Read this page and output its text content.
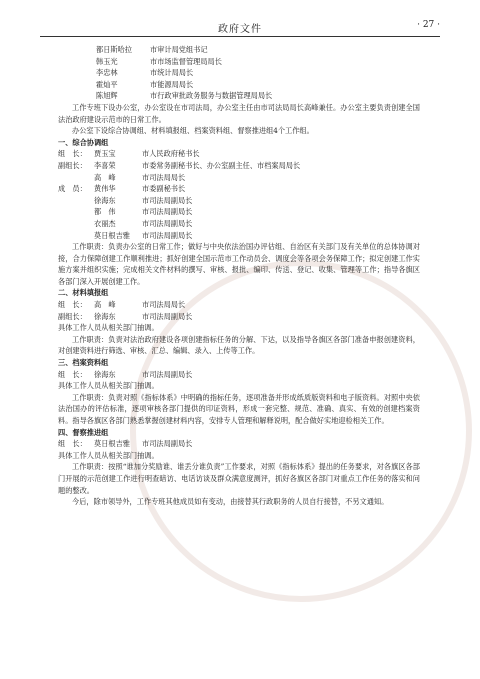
政府文件	· 27 ·
都日斯哈拉	市审计局党组书记
韩玉光	市市场监督管理局局长
李忠林	市统计局局长
霍灿平	市能源局局长
陈旭辉	市行政审批政务服务与数据管理局局长

工作专班下设办公室，办公室设在市司法局，办公室主任由市司法局局长高峰兼任。办公室主要负责创建全国法治政府建设示范市的日常工作。

办公室下设综合协调组、材料填报组、档案资料组、督察推进组4个工作组。

一、综合协调组

组　长：	贾玉宝	市人民政府秘书长
副组长：	李喜荣	市委常务副秘书长、办公室副主任、市档案局局长
高　峰	市司法局局长
成　员：	黄伟华	市委副秘书长
徐海东	市司法局副局长
都　伟	市司法局副局长
衣丽杰	市司法局副局长
莫日根吉雅	市司法局副局长

工作职责：负责办公室的日常工作；做好与中央依法治国办评估组、自治区有关部门及有关单位的总体协调对接，合力保障创建工作顺利推进；抓好创建全国示范市工作动员会、调度会等各项会务保障工作；拟定创建工作实施方案并组织实施；完成相关文件材料的撰写、审核、报批、编印、传送、登记、收集、管理等工作；指导各旗区各部门深入开展创建工作。

二、材料填报组

组　长：	高　峰	市司法局局长
副组长：	徐海东	市司法局副局长

具体工作人员从相关部门抽调。

工作职责：负责对法治政府建设各项创建指标任务的分解、下达，以及指导各旗区各部门准备申报创建资料，对创建资料进行筛选、审核、汇总、编辑、录入、上传等工作。

三、档案资料组

组　长：	徐海东	市司法局副局长

具体工作人员从相关部门抽调。

工作职责：负责对照《指标体系》中明确的指标任务，逐项准备并形成纸质版资料和电子版资料。对照中央依法治国办的评估标准，逐项审核各部门提供的印证资料，形成一套完整、规范、准确、真实、有效的创建档案资料。指导各旗区各部门熟悉掌握创建材料内容，安排专人管理和解释说明，配合做好实地迎检相关工作。

四、督察推进组

组　长：	莫日根吉雅	市司法局副局长

具体工作人员从相关部门抽调。

工作职责：按照“谁加分奖励谁、谁丢分谁负责”工作要求，对照《指标体系》提出的任务要求，对各旗区各部门开展的示范创建工作进行明查暗访、电话访谈及群众满意度测评，抓好各旗区各部门对重点工作任务的落实和问题的整改。

今后，除市领导外，工作专班其他成员如有变动，由接替其行政职务的人员自行接替，不另文通知。
